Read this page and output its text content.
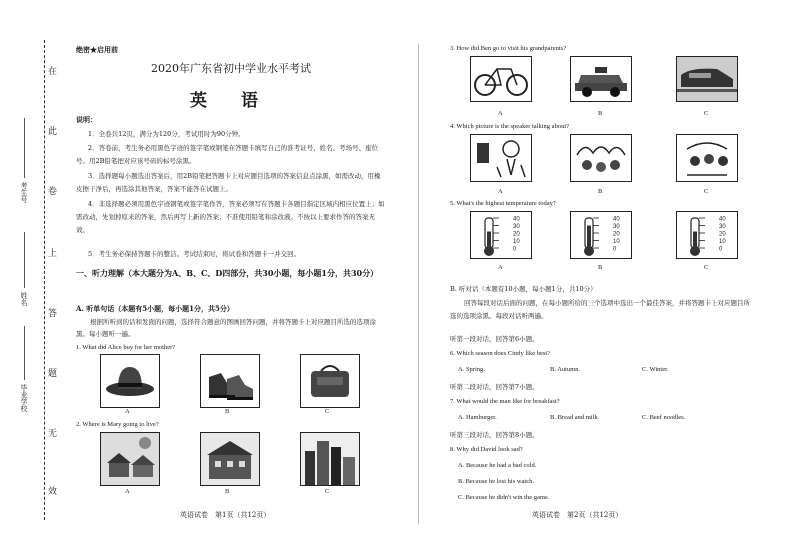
在
此
卷
上
答
题
无
效
考生号
姓名
毕业学校
绝密★启用前
2020年广东省初中学业水平考试
英 语
说明：
1．全卷共12页，满分为120分，考试用时为90分钟。
2．答卷前，考生务必用黑色字迹的签字笔或钢笔在答题卡填写自己的准考证号、姓名、考场号、座位号。用2B铅笔把对应该号码的标号涂黑。
3．选择题每小题选出答案后，用2B铅笔把答题卡上对应题目选项的答案信息点涂黑，如需改动，用橡皮擦干净后，再选涂其他答案，答案不能答在试题上。
4．非选择题必须用黑色字迹钢笔或签字笔作答，答案必须写在答题卡各题目指定区域内相应位置上；如需改动，先划掉原来的答案，然后再写上新的答案；不准使用铅笔和涂改液。不按以上要求作答的答案无效。
5．考生务必保持答题卡的整洁。考试结束时，将试卷和答题卡一并交回。
一、听力理解（本大题分为A、B、C、D四部分，共30小题，每小题1分，共30分）
A. 听单句话（本题有5小题，每小题1分，共5分）
根据所听到的话和发面的问题，选择符合题意的图画回答问题，并将答题卡上对应题目所选的选项涂黑。每小题听一遍。
1. What did Alice buy for her mother?
A	B	C
2. Where is Mary going to live?
A	B	C
英语试卷　第1页（共12页）
3. How did Ben go to visit his grandparents?
A	B	C
4. Which picture is the speaker talking about?
A	B	C
5. What's the highest temperature today?
40
30
20
10
0
40
30
20
10
0
40
30
20
10
0
A	B	C
B. 听对话（本题有10小题，每小题1分，共10分）
回答每段对话后面的问题，在每小题所给的三个选项中选出一个最佳答案，并将答题卡上对应题目所选的选项涂黑。每段对话听两遍。
听第一段对话，回答第6小题。
6. Which season does Cindy like best?
A. Spring.	B. Autumn.	C. Winter.
听第二段对话，回答第7小题。
7. What would the man like for breakfast?
A. Hamburger.	B. Bread and milk.	C. Beef noodles.
听第三段对话，回答第8小题。
8. Why did David look sad?
A. Because he had a bad cold.
B. Because he lost his watch.
C. Because he didn't win the game.
英语试卷　第2页（共12页）
